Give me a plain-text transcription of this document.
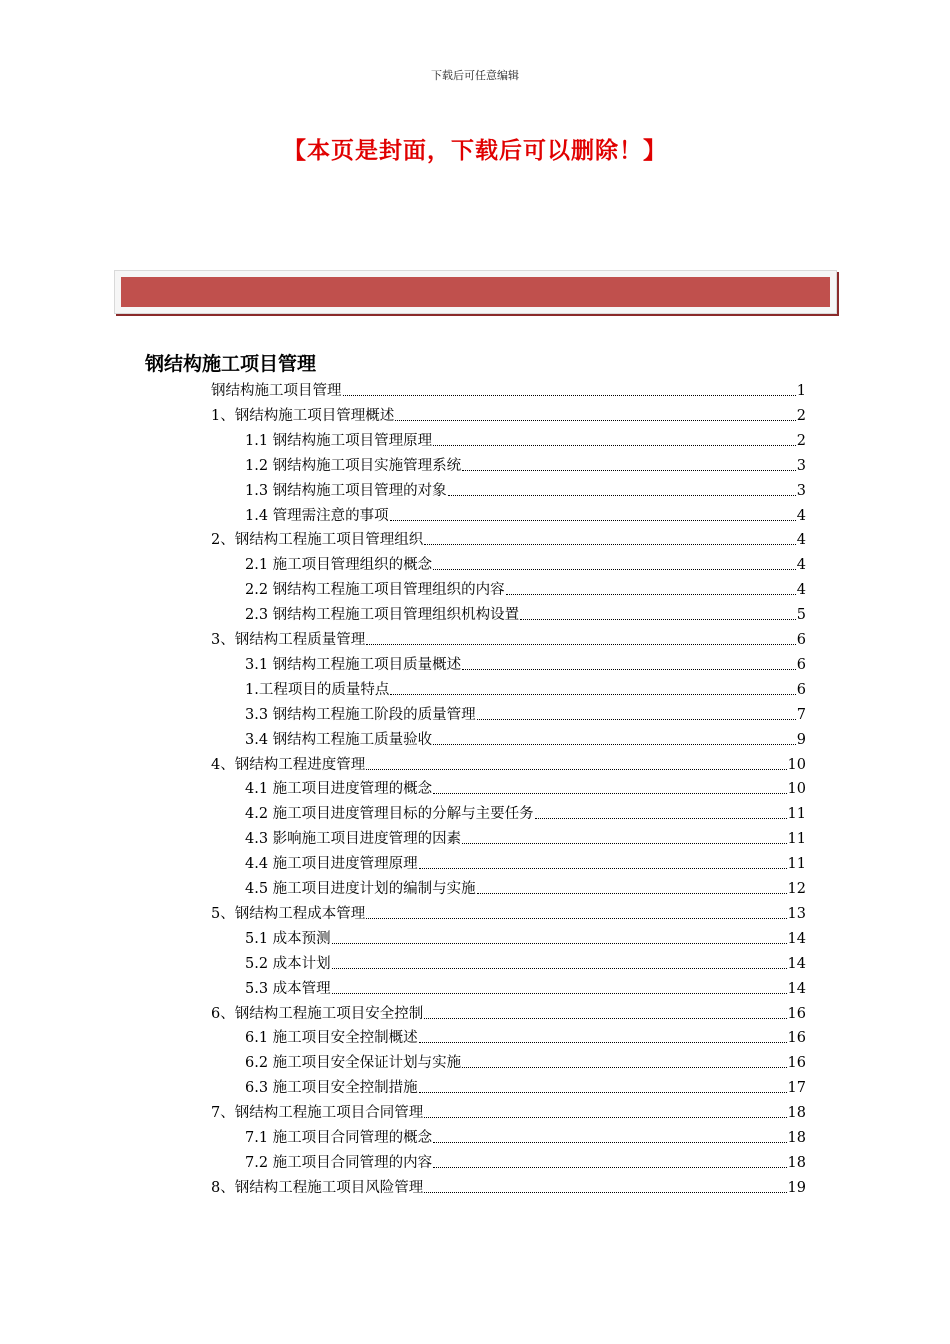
下载后可任意编辑
【本页是封面，下载后可以删除！】
钢结构施工项目管理
钢结构施工项目管理	1
1、钢结构施工项目管理概述	2
1.1 钢结构施工项目管理原理	2
1.2 钢结构施工项目实施管理系统	3
1.3 钢结构施工项目管理的对象	3
1.4 管理需注意的事项	4
2、钢结构工程施工项目管理组织	4
2.1 施工项目管理组织的概念	4
2.2 钢结构工程施工项目管理组织的内容	4
2.3 钢结构工程施工项目管理组织机构设置	5
3、钢结构工程质量管理	6
3.1 钢结构工程施工项目质量概述	6
1.工程项目的质量特点	6
3.3 钢结构工程施工阶段的质量管理	7
3.4 钢结构工程施工质量验收	9
4、钢结构工程进度管理	10
4.1 施工项目进度管理的概念	10
4.2 施工项目进度管理目标的分解与主要任务	11
4.3 影响施工项目进度管理的因素	11
4.4 施工项目进度管理原理	11
4.5 施工项目进度计划的编制与实施	12
5、钢结构工程成本管理	13
5.1 成本预测	14
5.2 成本计划	14
5.3 成本管理	14
6、钢结构工程施工项目安全控制	16
6.1 施工项目安全控制概述	16
6.2 施工项目安全保证计划与实施	16
6.3 施工项目安全控制措施	17
7、钢结构工程施工项目合同管理	18
7.1 施工项目合同管理的概念	18
7.2 施工项目合同管理的内容	18
8、钢结构工程施工项目风险管理	19
